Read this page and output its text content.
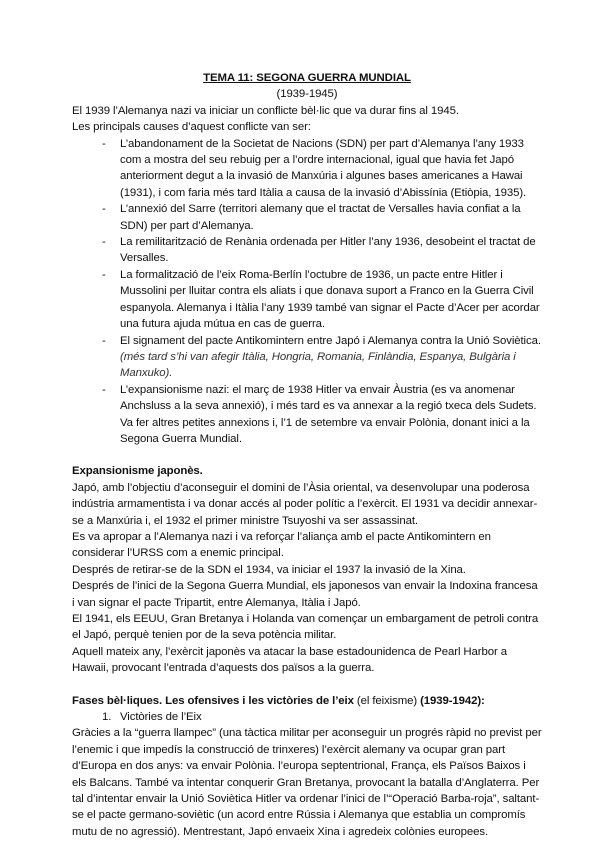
TEMA 11: SEGONA GUERRA MUNDIAL

(1939-1945)

El 1939 l’Alemanya nazi va iniciar un conflicte bèl·lic que va durar fins al 1945.

Les principals causes d’aquest conflicte van ser:

- L’abandonament de la Societat de Nacions (SDN) per part d’Alemanya l’any 1933 com a mostra del seu rebuig per a l’ordre internacional, igual que havia fet Japó anteriorment degut a la invasió de Manxúria i algunes bases americanes a Hawai (1931), i com faria més tard Itàlia a causa de la invasió d’Abissínia (Etiòpia, 1935).
- L’annexió del Sarre (territori alemany que el tractat de Versalles havia confiat a la SDN) per part d’Alemanya.
- La remilitarització de Renània ordenada per Hitler l’any 1936, desobeint el tractat de Versalles.
- La formalització de l’eix Roma-Berlín l’octubre de 1936, un pacte entre Hitler i Mussolini per lluitar contra els aliats i que donava suport a Franco en la Guerra Civil espanyola. Alemanya i Itàlia l’any 1939 també van signar el Pacte d’Acer per acordar una futura ajuda mútua en cas de guerra.
- El signament del pacte Antikomintern entre Japó i Alemanya contra la Unió Soviètica. (més tard s’hi van afegir Itàlia, Hongria, Romania, Finlàndia, Espanya, Bulgària i Manxuko).
- L’expansionisme nazi: el març de 1938 Hitler va envair Àustria (es va anomenar Anchsluss a la seva annexió), i més tard es va annexar a la regió txeca dels Sudets. Va fer altres petites annexions i, l’1 de setembre va envair Polònia, donant inici a la Segona Guerra Mundial.

Expansionisme japonès.

Japó, amb l’objectiu d’aconseguir el domini de l’Àsia oriental, va desenvolupar una poderosa indústria armamentista i va donar accés al poder polític a l’exèrcit. El 1931 va decidir annexar-se a Manxúria i, el 1932 el primer ministre Tsuyoshi va ser assassinat.

Es va apropar a l’Alemanya nazi i va reforçar l’aliança amb el pacte Antikomintern en considerar l’URSS com a enemic principal.

Després de retirar-se de la SDN el 1934, va iniciar el 1937 la invasió de la Xina.

Després de l’inici de la Segona Guerra Mundial, els japonesos van envair la Indoxina francesa i van signar el pacte Tripartit, entre Alemanya, Itàlia i Japó.

El 1941, els EEUU, Gran Bretanya i Holanda van començar un embargament de petroli contra el Japó, perquè tenien por de la seva potència militar.

Aquell mateix any, l’exèrcit japonès va atacar la base estadounidenca de Pearl Harbor a Hawaii, provocant l’entrada d’aquests dos països a la guerra.

Fases bèl·liques. Les ofensives i les victòries de l’eix (el feixisme) (1939-1942):

1. Victòries de l’Eix

Gràcies a la “guerra llampec” (una tàctica militar per aconseguir un progrés ràpid no previst per l’enemic i que impedís la construcció de trinxeres) l’exèrcit alemany va ocupar gran part d’Europa en dos anys: va envair Polònia. l’europa septentrional, França, els Països Baixos i els Balcans. També va intentar conquerir Gran Bretanya, provocant la batalla d’Anglaterra. Per tal d’intentar envair la Unió Soviètica Hitler va ordenar l’inici de l’“Operació Barba-roja”, saltant-se el pacte germano-soviètic (un acord entre Rússia i Alemanya que establia un compromís mutu de no agressió). Mentrestant, Japó envaeix Xina i agredeix colònies europees.
